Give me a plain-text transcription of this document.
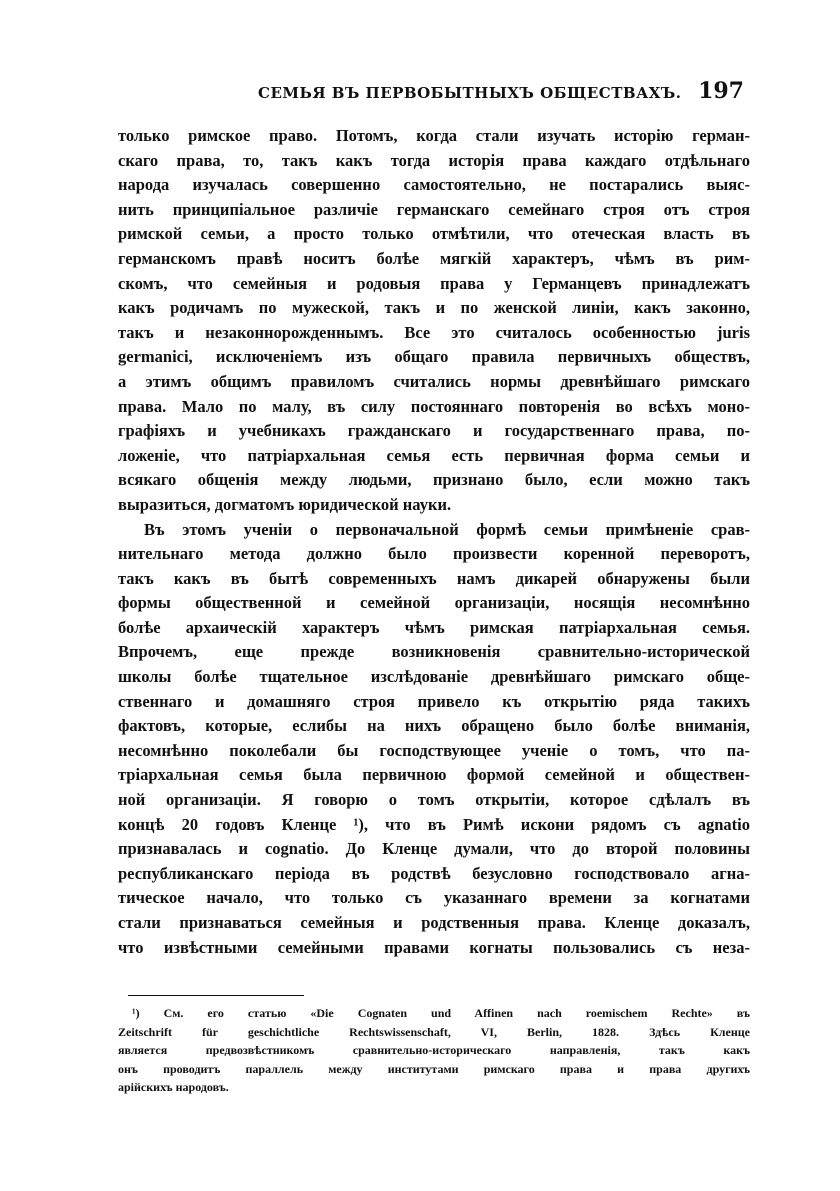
СЕМЬЯ ВЪ ПЕРВОБЫТНЫХЪ ОБЩЕСТВАХЪ. 197
только римское право. Потомъ, когда стали изучать исторію герман-
скаго права, то, такъ какъ тогда исторія права каждаго отдѣльнаго
народа изучалась совершенно самостоятельно, не постарались выяс-
нить принципіальное различіе германскаго семейнаго строя отъ строя
римской семьи, а просто только отмѣтили, что отеческая власть въ
германскомъ правѣ носитъ болѣе мягкій характеръ, чѣмъ въ рим-
скомъ, что семейныя и родовыя права у Германцевъ принадлежатъ
какъ родичамъ по мужеской, такъ и по женской линіи, какъ законно,
такъ и незаконнорожденнымъ. Все это считалось особенностью juris
germanici, исключеніемъ изъ общаго правила первичныхъ обществъ,
а этимъ общимъ правиломъ считались нормы древнѣйшаго римскаго
права. Мало по малу, въ силу постояннаго повторенія во всѣхъ моно-
графіяхъ и учебникахъ гражданскаго и государственнаго права, по-
ложеніе, что патріархальная семья есть первичная форма семьи и
всякаго общенія между людьми, признано было, если можно такъ
выразиться, догматомъ юридической науки.
Въ этомъ ученіи о первоначальной формѣ семьи примѣненіе срав-
нительнаго метода должно было произвести коренной переворотъ,
такъ какъ въ бытѣ современныхъ намъ дикарей обнаружены были
формы общественной и семейной организаціи, носящія несомнѣнно
болѣе архаическій характеръ чѣмъ римская патріархальная семья.
Впрочемъ, еще прежде возникновенія сравнительно-исторической
школы болѣе тщательное изслѣдованіе древнѣйшаго римскаго обще-
ственнаго и домашняго строя привело къ открытію ряда такихъ
фактовъ, которые, еслибы на нихъ обращено было болѣе вниманія,
несомнѣнно поколебали бы господствующее ученіе о томъ, что па-
тріархальная семья была первичною формой семейной и обществен-
ной организаціи. Я говорю о томъ открытіи, которое сдѣлалъ въ
концѣ 20 годовъ Кленце ¹), что въ Римѣ искони рядомъ съ agnatio
признавалась и cognatio. До Кленце думали, что до второй половины
республиканскаго періода въ родствѣ безусловно господствовало агна-
тическое начало, что только съ указаннаго времени за когнатами
стали признаваться семейныя и родственныя права. Кленце доказалъ,
что извѣстными семейными правами когнаты пользовались съ неза-
¹) См. его статью «Die Cognaten und Affinen nach roemischem Rechte» въ
Zeitschrift für geschichtliche Rechtswissenschaft, VI, Berlin, 1828. Здѣсь Кленце
является предвозвѣстникомъ сравнительно-историческаго направленія, такъ какъ
онъ проводитъ параллель между институтами римскаго права и права другихъ
арійскихъ народовъ.
